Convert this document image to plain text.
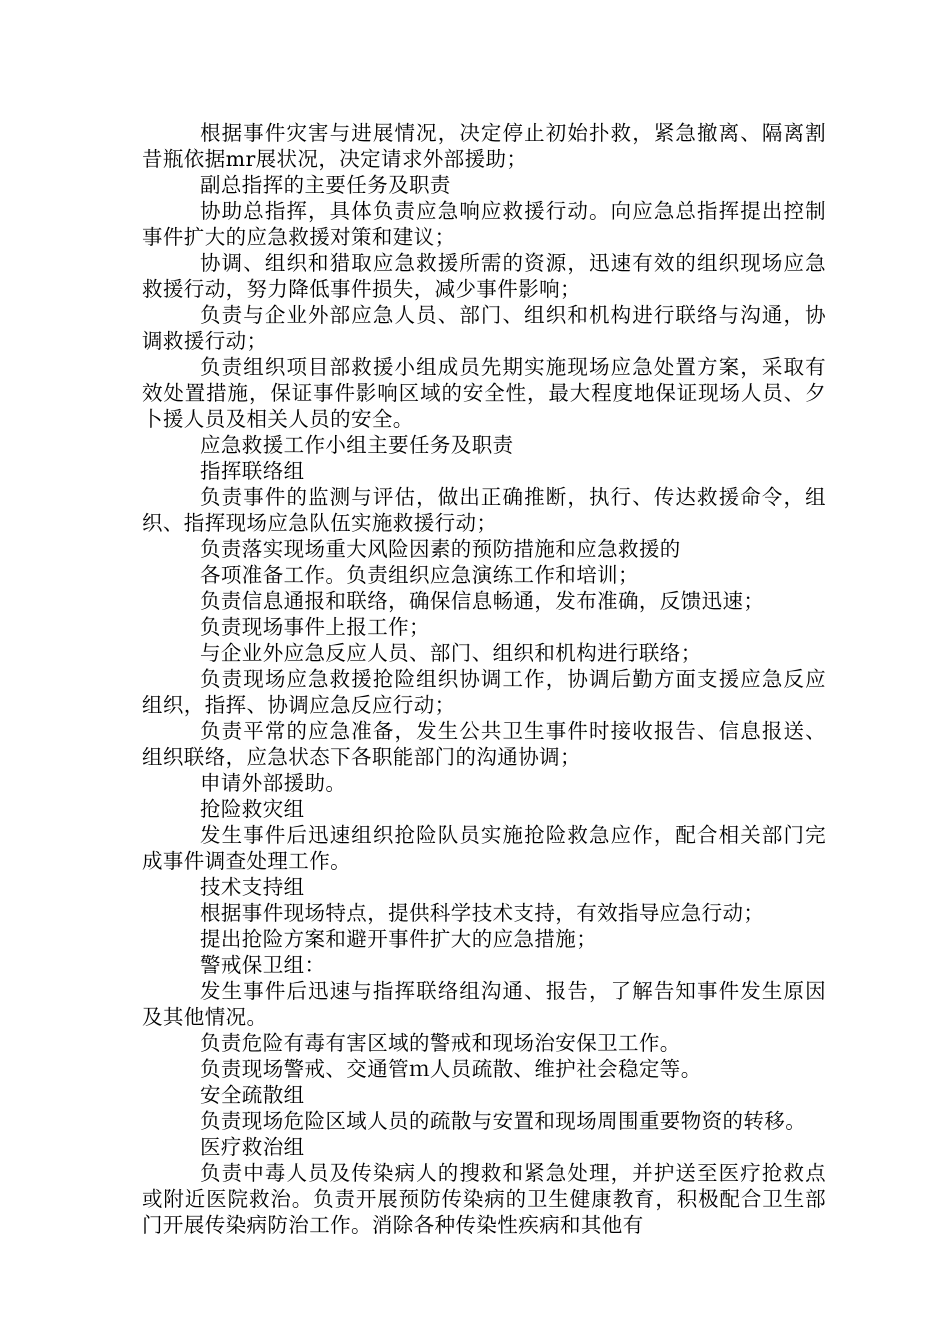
根据事件灾害与进展情况，决定停止初始扑救，紧急撤离、隔离割昔瓶依据mr展状况，决定请求外部援助；

副总指挥的主要任务及职责

协助总指挥，具体负责应急响应救援行动。向应急总指挥提出控制事件扩大的应急救援对策和建议；

协调、组织和猎取应急救援所需的资源，迅速有效的组织现场应急救援行动，努力降低事件损失，减少事件影响；

负责与企业外部应急人员、部门、组织和机构进行联络与沟通，协调救援行动；

负责组织项目部救援小组成员先期实施现场应急处置方案，采取有效处置措施，保证事件影响区域的安全性，最大程度地保证现场人员、夕卜援人员及相关人员的安全。

应急救援工作小组主要任务及职责

指挥联络组

负责事件的监测与评估，做出正确推断，执行、传达救援命令，组织、指挥现场应急队伍实施救援行动；

负责落实现场重大风险因素的预防措施和应急救援的

各项准备工作。负责组织应急演练工作和培训；

负责信息通报和联络，确保信息畅通，发布准确，反馈迅速；

负责现场事件上报工作；

与企业外应急反应人员、部门、组织和机构进行联络；

负责现场应急救援抢险组织协调工作，协调后勤方面支援应急反应组织，指挥、协调应急反应行动；

负责平常的应急准备，发生公共卫生事件时接收报告、信息报送、组织联络，应急状态下各职能部门的沟通协调；

申请外部援助。

抢险救灾组

发生事件后迅速组织抢险队员实施抢险救急应作，配合相关部门完成事件调查处理工作。

技术支持组

根据事件现场特点，提供科学技术支持，有效指导应急行动；

提出抢险方案和避开事件扩大的应急措施；

警戒保卫组：

发生事件后迅速与指挥联络组沟通、报告，了解告知事件发生原因及其他情况。

负责危险有毒有害区域的警戒和现场治安保卫工作。

负责现场警戒、交通管ｍ人员疏散、维护社会稳定等。

安全疏散组

负责现场危险区域人员的疏散与安置和现场周围重要物资的转移。

医疗救治组

负责中毒人员及传染病人的搜救和紧急处理，并护送至医疗抢救点或附近医院救治。负责开展预防传染病的卫生健康教育，积极配合卫生部门开展传染病防治工作。消除各种传染性疾病和其他有
